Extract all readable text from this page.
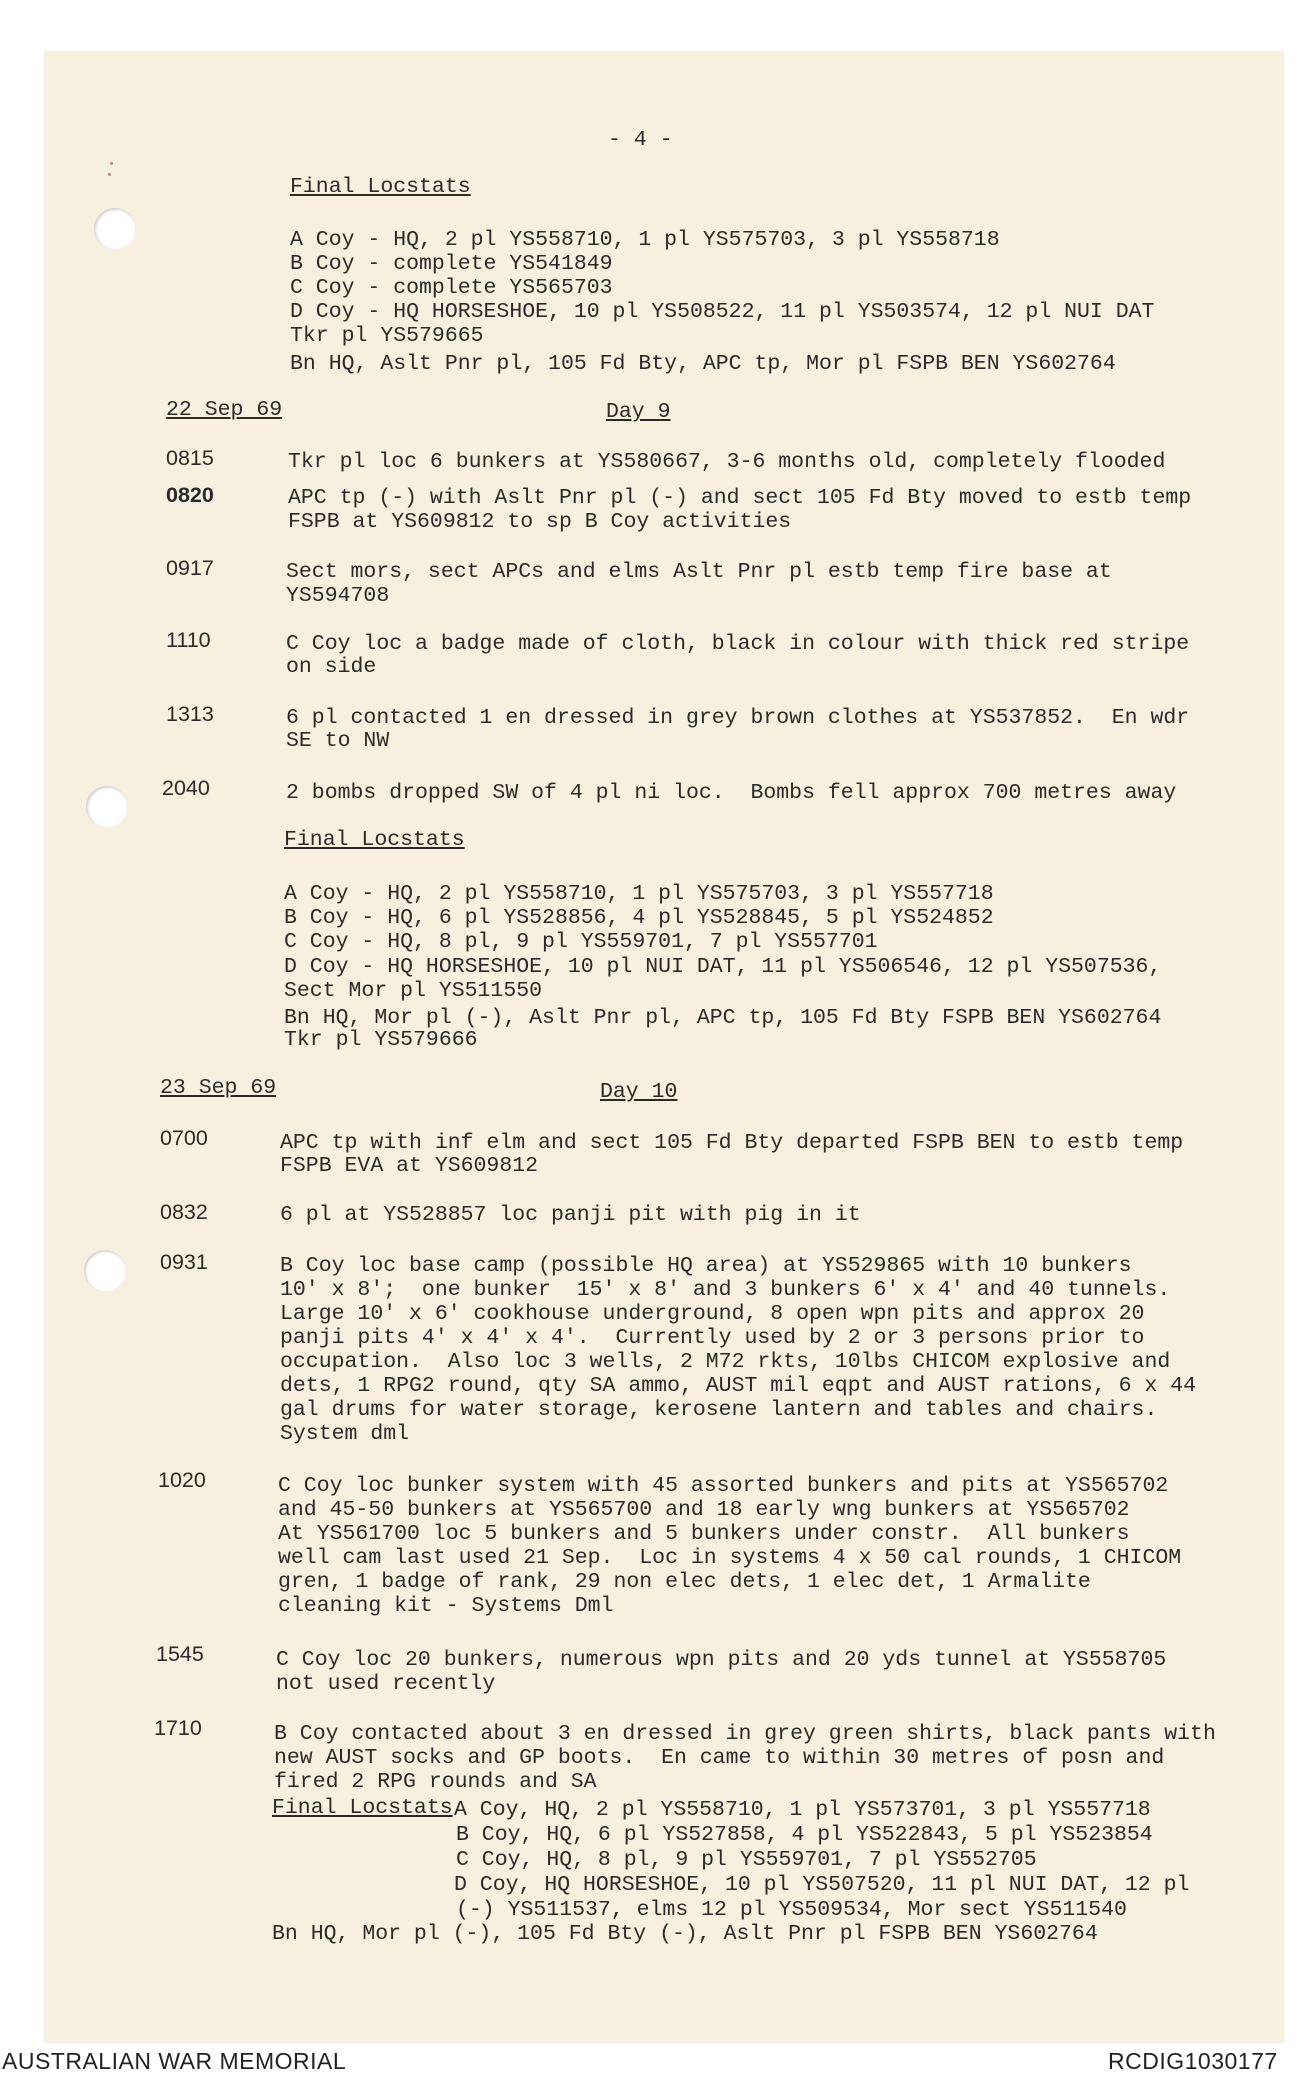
- 4 -
Final Locstats
A Coy - HQ, 2 pl YS558710, 1 pl YS575703, 3 pl YS558718
B Coy - complete YS541849
C Coy - complete YS565703
D Coy - HQ HORSESHOE, 10 pl YS508522, 11 pl YS503574, 12 pl NUI DAT
Tkr pl YS579665
Bn HQ, Aslt Pnr pl, 105 Fd Bty, APC tp, Mor pl FSPB BEN YS602764
22 Sep 69	Day 9
0815	Tkr pl loc 6 bunkers at YS580667, 3-6 months old, completely flooded
0820	APC tp (-) with Aslt Pnr pl (-) and sect 105 Fd Bty moved to estb temp
FSPB at YS609812 to sp B Coy activities
0917	Sect mors, sect APCs and elms Aslt Pnr pl estb temp fire base at
YS594708
1110	C Coy loc a badge made of cloth, black in colour with thick red stripe
on side
1313	6 pl contacted 1 en dressed in grey brown clothes at YS537852.  En wdr
SE to NW
2040	2 bombs dropped SW of 4 pl ni loc.  Bombs fell approx 700 metres away
Final Locstats
A Coy - HQ, 2 pl YS558710, 1 pl YS575703, 3 pl YS557718
B Coy - HQ, 6 pl YS528856, 4 pl YS528845, 5 pl YS524852
C Coy - HQ, 8 pl, 9 pl YS559701, 7 pl YS557701
D Coy - HQ HORSESHOE, 10 pl NUI DAT, 11 pl YS506546, 12 pl YS507536,
Sect Mor pl YS511550
Bn HQ, Mor pl (-), Aslt Pnr pl, APC tp, 105 Fd Bty FSPB BEN YS602764
Tkr pl YS579666
23 Sep 69	Day 10
0700	APC tp with inf elm and sect 105 Fd Bty departed FSPB BEN to estb temp
FSPB EVA at YS609812
0832	6 pl at YS528857 loc panji pit with pig in it
0931	B Coy loc base camp (possible HQ area) at YS529865 with 10 bunkers
10' x 8';  one bunker  15' x 8' and 3 bunkers 6' x 4' and 40 tunnels.
Large 10' x 6' cookhouse underground, 8 open wpn pits and approx 20
panji pits 4' x 4' x 4'.  Currently used by 2 or 3 persons prior to
occupation.  Also loc 3 wells, 2 M72 rkts, 10lbs CHICOM explosive and
dets, 1 RPG2 round, qty SA ammo, AUST mil eqpt and AUST rations, 6 x 44
gal drums for water storage, kerosene lantern and tables and chairs.
System dml
1020	C Coy loc bunker system with 45 assorted bunkers and pits at YS565702
and 45-50 bunkers at YS565700 and 18 early wng bunkers at YS565702
At YS561700 loc 5 bunkers and 5 bunkers under constr.  All bunkers
well cam last used 21 Sep.  Loc in systems 4 x 50 cal rounds, 1 CHICOM
gren, 1 badge of rank, 29 non elec dets, 1 elec det, 1 Armalite
cleaning kit - Systems Dml
1545	C Coy loc 20 bunkers, numerous wpn pits and 20 yds tunnel at YS558705
not used recently
1710	B Coy contacted about 3 en dressed in grey green shirts, black pants with
new AUST socks and GP boots.  En came to within 30 metres of posn and
fired 2 RPG rounds and SA
Final Locstats A Coy, HQ, 2 pl YS558710, 1 pl YS573701, 3 pl YS557718
B Coy, HQ, 6 pl YS527858, 4 pl YS522843, 5 pl YS523854
C Coy, HQ, 8 pl, 9 pl YS559701, 7 pl YS552705
D Coy, HQ HORSESHOE, 10 pl YS507520, 11 pl NUI DAT, 12 pl
(-) YS511537, elms 12 pl YS509534, Mor sect YS511540
Bn HQ, Mor pl (-), 105 Fd Bty (-), Aslt Pnr pl FSPB BEN YS602764
AUSTRALIAN WAR MEMORIAL	RCDIG1030177
